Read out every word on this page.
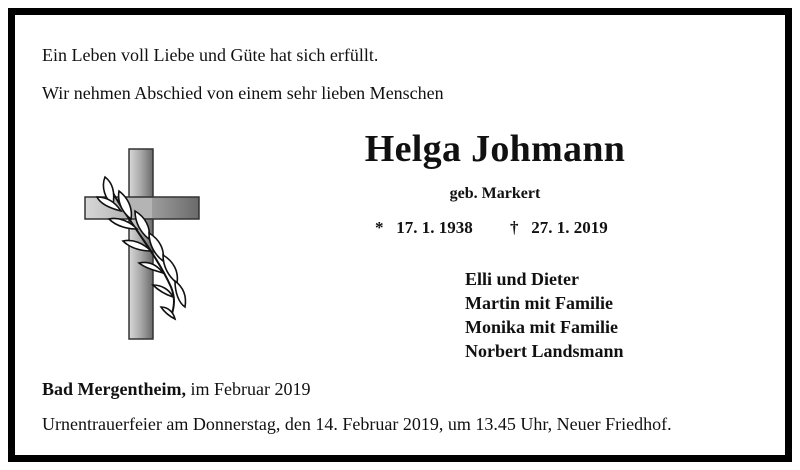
Ein Leben voll Liebe und Güte hat sich erfüllt.
Wir nehmen Abschied von einem sehr lieben Menschen
Helga Johmann
geb. Markert
* 17. 1. 1938 † 27. 1. 2019
Elli und Dieter
Martin mit Familie
Monika mit Familie
Norbert Landsmann
Bad Mergentheim, im Februar 2019
Urnentrauerfeier am Donnerstag, den 14. Februar 2019, um 13.45 Uhr, Neuer Friedhof.
